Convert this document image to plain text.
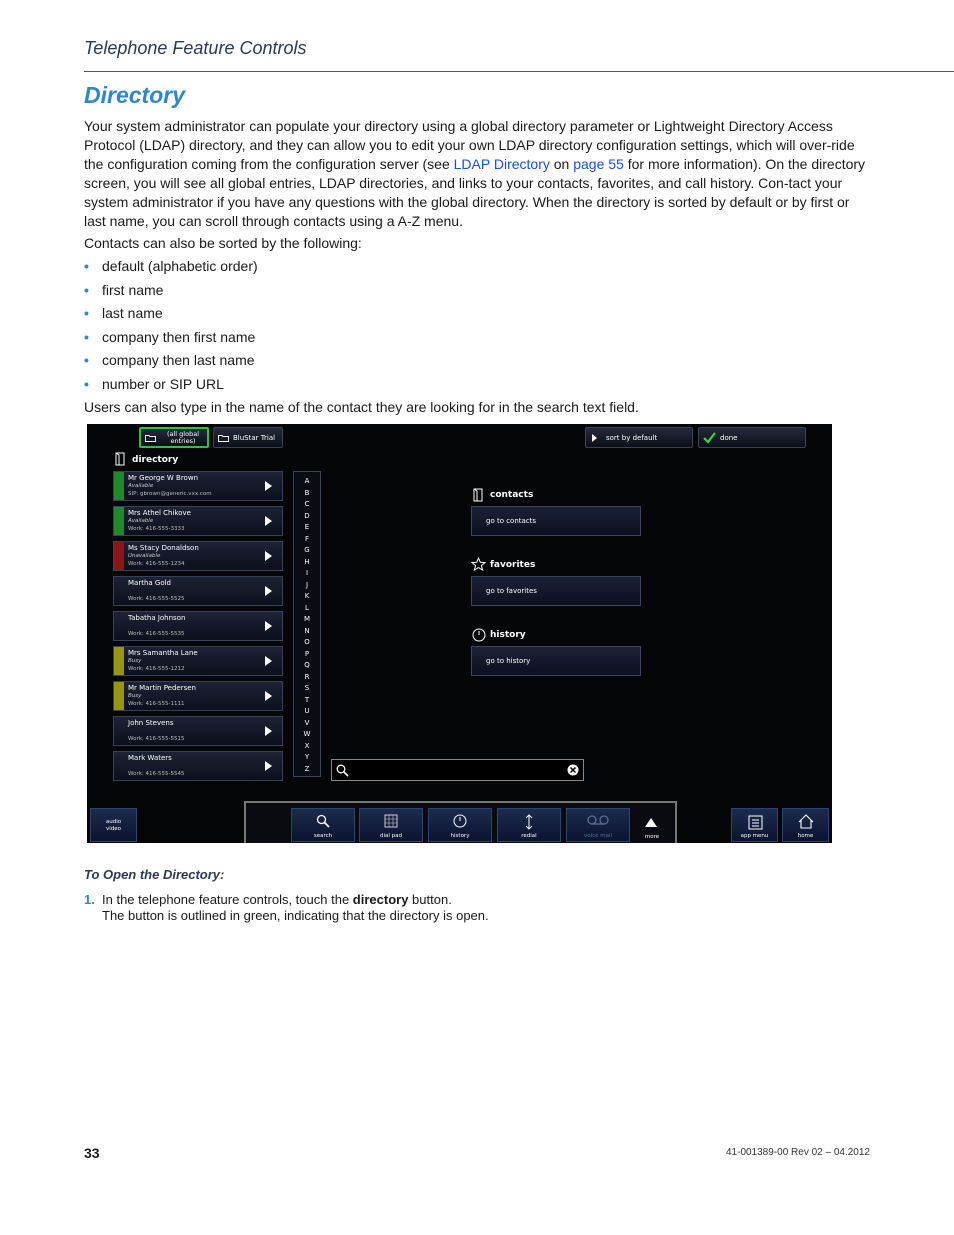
Telephone Feature Controls
Directory
Your system administrator can populate your directory using a global directory parameter or Lightweight Directory Access Protocol (LDAP) directory, and they can allow you to edit your own LDAP directory configuration settings, which will over-ride the configuration coming from the configuration server (see LDAP Directory on page 55 for more information). On the directory screen, you will see all global entries, LDAP directories, and links to your contacts, favorites, and call history. Con-tact your system administrator if you have any questions with the global directory. When the directory is sorted by default or by first or last name, you can scroll through contacts using a A-Z menu.
Contacts can also be sorted by the following:
• default (alphabetic order)
• first name
• last name
• company then first name
• company then last name
• number or SIP URL
Users can also type in the name of the contact they are looking for in the search text field.
(all global entries)	BluStar Trial	sort by default	done
directory
Mr George W Brown
Available
SIP: gbrown@generic.vxx.com
Mrs Athel Chikove
Available
Work: 416-555-3333
Ms Stacy Donaldson
Unavailable
Work: 416-555-1234
Martha Gold
Work: 416-555-5525
Tabatha Johnson
Work: 416-555-5535
Mrs Samantha Lane
Busy
Work: 416-555-1212
Mr Martin Pedersen
Busy
Work: 416-555-1111
John Stevens
Work: 416-555-5515
Mark Waters
Work: 416-555-5545
A
B
C
D
E
F
G
H
I
J
K
L
M
N
O
P
Q
R
S
T
U
V
W
X
Y
Z
contacts
go to contacts
favorites
go to favorites
history
go to history
audio
video
search	dial pad	history	redial	voice mail	more	app menu	home
To Open the Directory:
1. In the telephone feature controls, touch the directory button.
The button is outlined in green, indicating that the directory is open.
33	41-001389-00 Rev 02 – 04.2012
